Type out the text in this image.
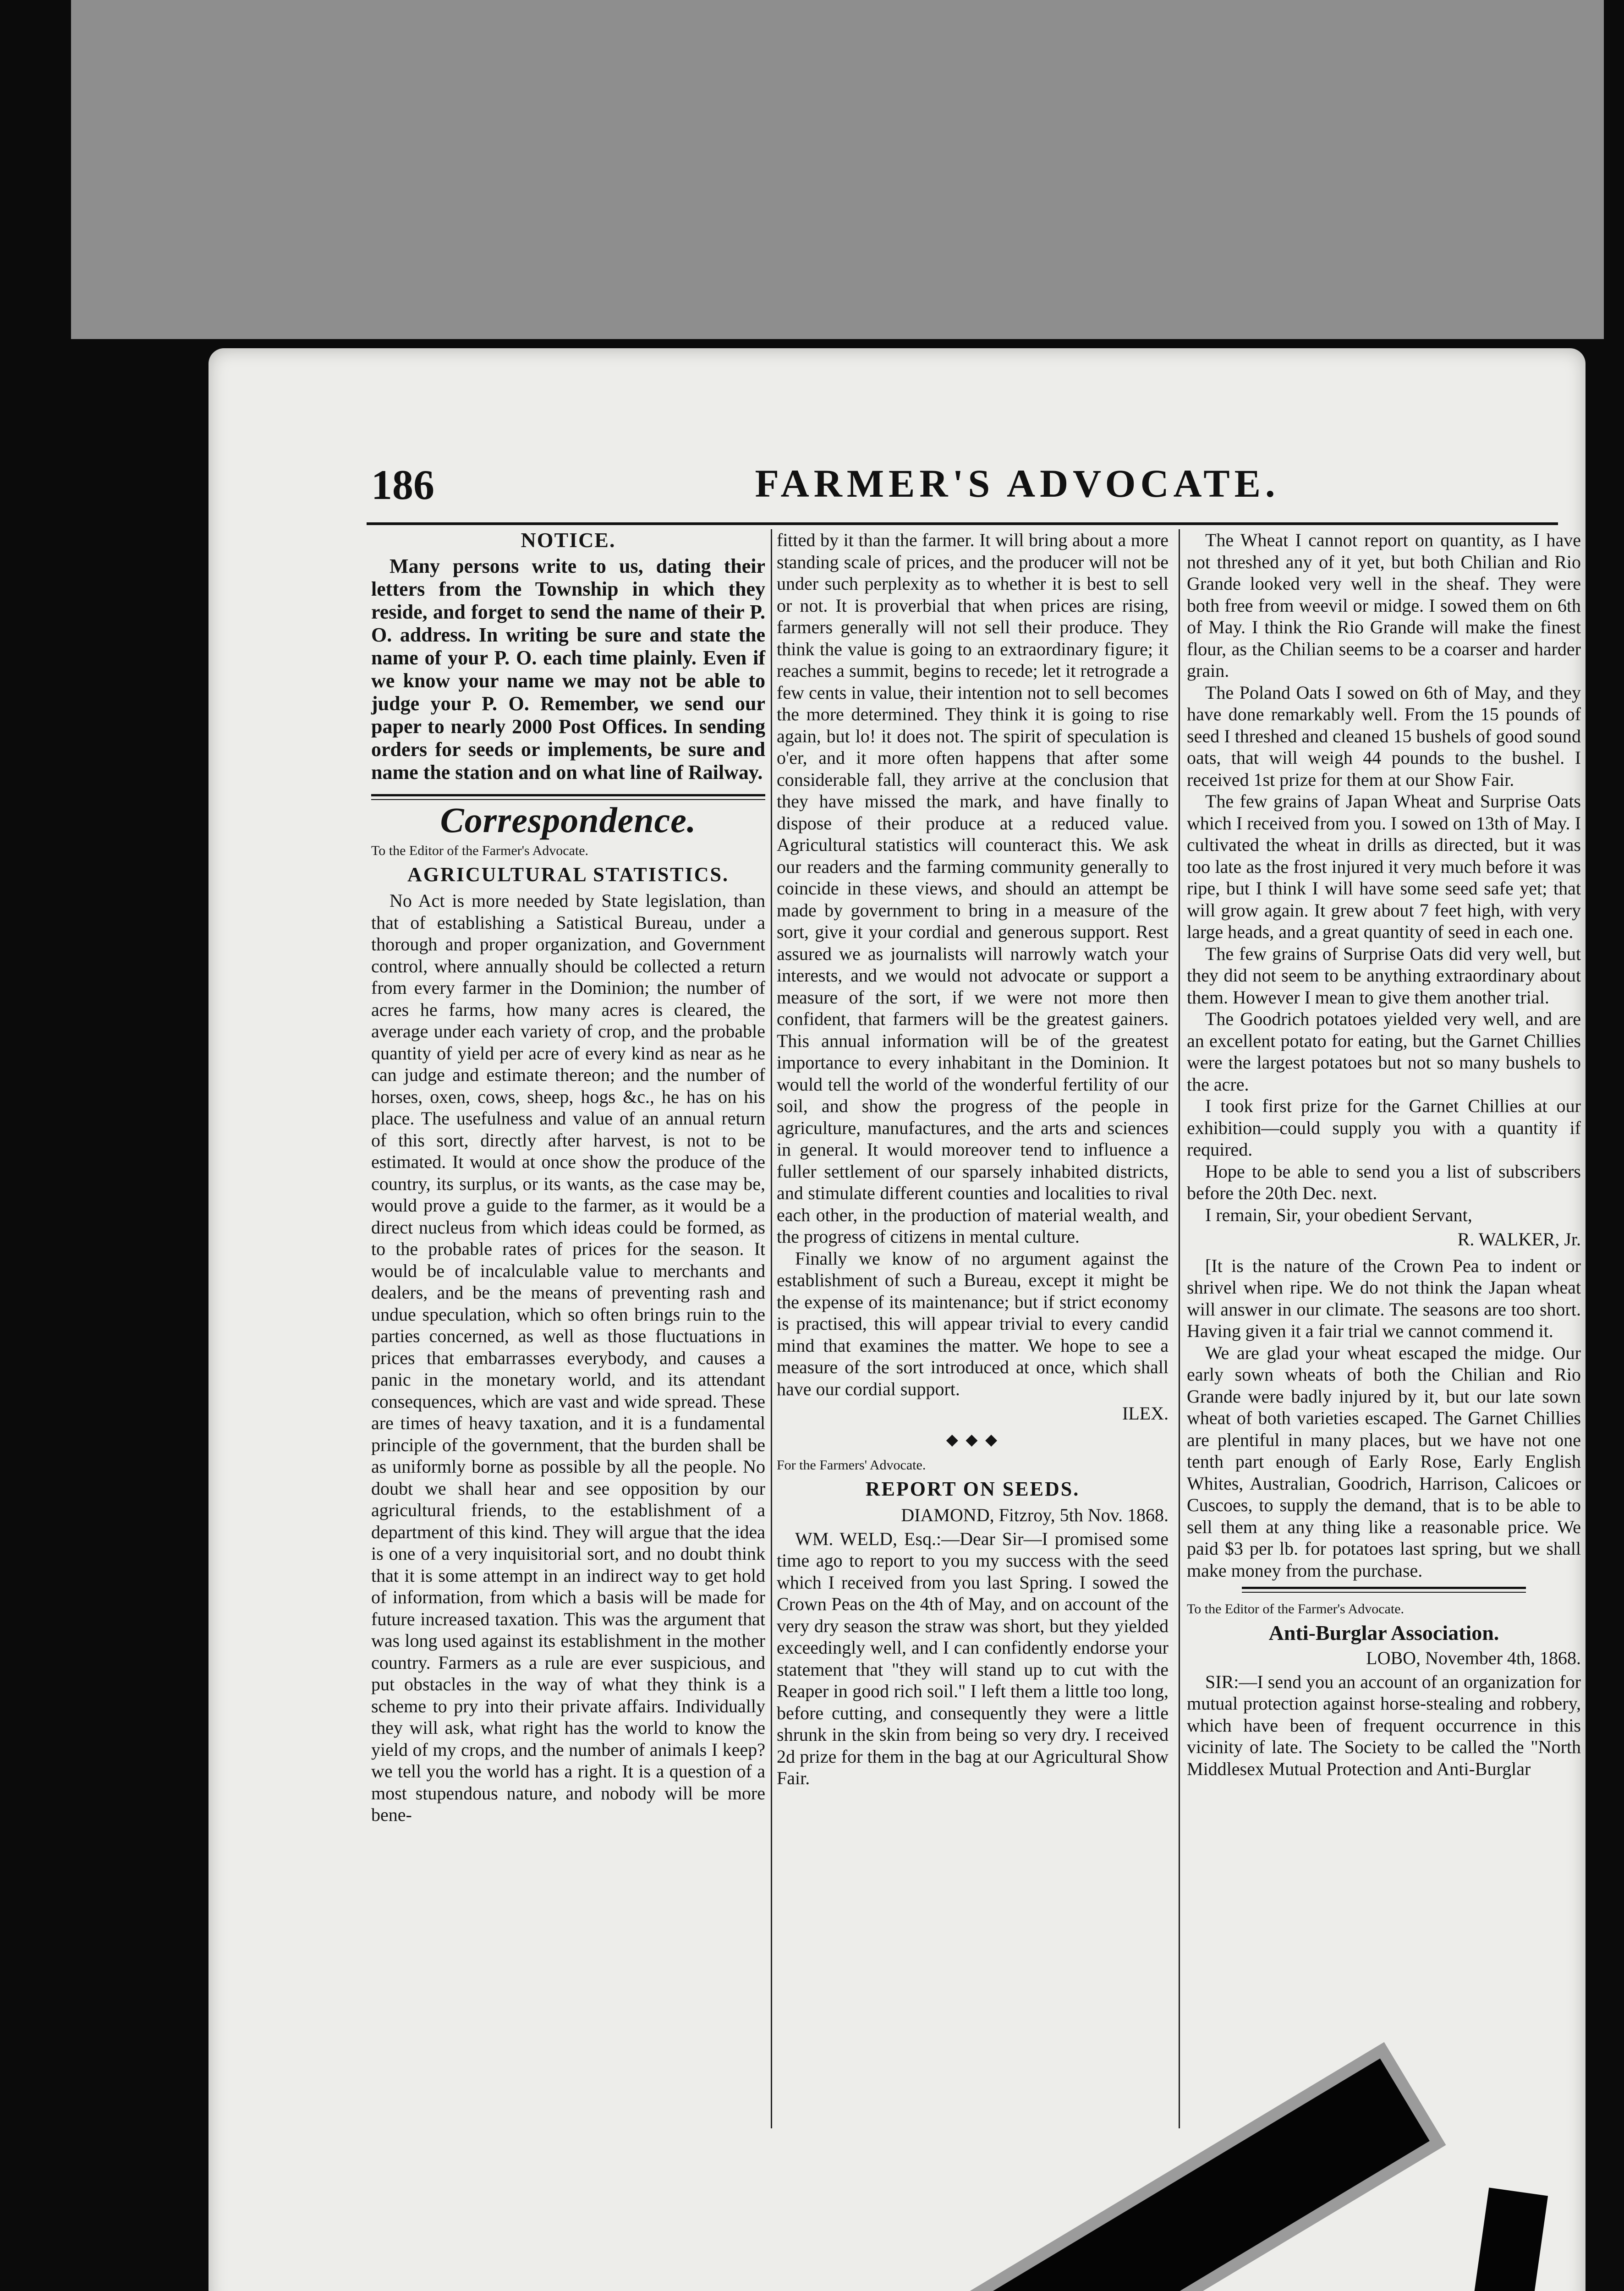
186	FARMER'S ADVOCATE.
NOTICE.

Many persons write to us, dating their letters from the Township in which they reside, and forget to send the name of their P. O. address. In writing be sure and state the name of your P. O. each time plainly. Even if we know your name we may not be able to judge your P. O. Remember, we send our paper to nearly 2000 Post Offices. In sending orders for seeds or implements, be sure and name the station and on what line of Railway.

Correspondence.
To the Editor of the Farmer's Advocate.
AGRICULTURAL STATISTICS.

No Act is more needed by State legislation, than that of establishing a Satistical Bureau, under a thorough and proper organization, and Government control, where annually should be collected a return from every farmer in the Dominion; the number of acres he farms, how many acres is cleared, the average under each variety of crop, and the probable quantity of yield per acre of every kind as near as he can judge and estimate thereon; and the number of horses, oxen, cows, sheep, hogs &c., he has on his place. The usefulness and value of an annual return of this sort, directly after harvest, is not to be estimated. It would at once show the produce of the country, its surplus, or its wants, as the case may be, would prove a guide to the farmer, as it would be a direct nucleus from which ideas could be formed, as to the probable rates of prices for the season. It would be of incalculable value to merchants and dealers, and be the means of preventing rash and undue speculation, which so often brings ruin to the parties concerned, as well as those fluctuations in prices that embarrasses everybody, and causes a panic in the monetary world, and its attendant consequences, which are vast and wide spread. These are times of heavy taxation, and it is a fundamental principle of the government, that the burden shall be as uniformly borne as possible by all the people. No doubt we shall hear and see opposition by our agricultural friends, to the establishment of a department of this kind. They will argue that the idea is one of a very inquisitorial sort, and no doubt think that it is some attempt in an indirect way to get hold of information, from which a basis will be made for future increased taxation. This was the argument that was long used against its establishment in the mother country. Farmers as a rule are ever suspicious, and put obstacles in the way of what they think is a scheme to pry into their private affairs. Individually they will ask, what right has the world to know the yield of my crops, and the number of animals I keep? we tell you the world has a right. It is a question of a most stupendous nature, and nobody will be more bene-

fitted by it than the farmer. It will bring about a more standing scale of prices, and the producer will not be under such perplexity as to whether it is best to sell or not. It is proverbial that when prices are rising, farmers generally will not sell their produce. They think the value is going to an extraordinary figure; it reaches a summit, begins to recede; let it retrograde a few cents in value, their intention not to sell becomes the more determined. They think it is going to rise again, but lo! it does not. The spirit of speculation is o'er, and it more often happens that after some considerable fall, they arrive at the conclusion that they have missed the mark, and have finally to dispose of their produce at a reduced value. Agricultural statistics will counteract this. We ask our readers and the farming community generally to coincide in these views, and should an attempt be made by government to bring in a measure of the sort, give it your cordial and generous support. Rest assured we as journalists will narrowly watch your interests, and we would not advocate or support a measure of the sort, if we were not more then confident, that farmers will be the greatest gainers. This annual information will be of the greatest importance to every inhabitant in the Dominion. It would tell the world of the wonderful fertility of our soil, and show the progress of the people in agriculture, manufactures, and the arts and sciences in general. It would moreover tend to influence a fuller settlement of our sparsely inhabited districts, and stimulate different counties and localities to rival each other, in the production of material wealth, and the progress of citizens in mental culture.

Finally we know of no argument against the establishment of such a Bureau, except it might be the expense of its maintenance; but if strict economy is practised, this will appear trivial to every candid mind that examines the matter. We hope to see a measure of the sort introduced at once, which shall have our cordial support.

ILEX.
◆ ◆ ◆
For the Farmers' Advocate.
REPORT ON SEEDS.
DIAMOND, Fitzroy, 5th Nov. 1868.

WM. WELD, Esq.:—Dear Sir—I promised some time ago to report to you my success with the seed which I received from you last Spring. I sowed the Crown Peas on the 4th of May, and on account of the very dry season the straw was short, but they yielded exceedingly well, and I can confidently endorse your statement that "they will stand up to cut with the Reaper in good rich soil." I left them a little too long, before cutting, and consequently they were a little shrunk in the skin from being so very dry. I received 2d prize for them in the bag at our Agricultural Show Fair.

The Wheat I cannot report on quantity, as I have not threshed any of it yet, but both Chilian and Rio Grande looked very well in the sheaf. They were both free from weevil or midge. I sowed them on 6th of May. I think the Rio Grande will make the finest flour, as the Chilian seems to be a coarser and harder grain.

The Poland Oats I sowed on 6th of May, and they have done remarkably well. From the 15 pounds of seed I threshed and cleaned 15 bushels of good sound oats, that will weigh 44 pounds to the bushel. I received 1st prize for them at our Show Fair.

The few grains of Japan Wheat and Surprise Oats which I received from you. I sowed on 13th of May. I cultivated the wheat in drills as directed, but it was too late as the frost injured it very much before it was ripe, but I think I will have some seed safe yet; that will grow again. It grew about 7 feet high, with very large heads, and a great quantity of seed in each one.

The few grains of Surprise Oats did very well, but they did not seem to be anything extraordinary about them. However I mean to give them another trial.

The Goodrich potatoes yielded very well, and are an excellent potato for eating, but the Garnet Chillies were the largest potatoes but not so many bushels to the acre.

I took first prize for the Garnet Chillies at our exhibition—could supply you with a quantity if required.

Hope to be able to send you a list of subscribers before the 20th Dec. next.

I remain, Sir, your obedient Servant,

R. WALKER, Jr.

[It is the nature of the Crown Pea to indent or shrivel when ripe. We do not think the Japan wheat will answer in our climate. The seasons are too short. Having given it a fair trial we cannot commend it.

We are glad your wheat escaped the midge. Our early sown wheats of both the Chilian and Rio Grande were badly injured by it, but our late sown wheat of both varieties escaped. The Garnet Chillies are plentiful in many places, but we have not one tenth part enough of Early Rose, Early English Whites, Australian, Goodrich, Harrison, Calicoes or Cuscoes, to supply the demand, that is to be able to sell them at any thing like a reasonable price. We paid $3 per lb. for potatoes last spring, but we shall make money from the purchase.

To the Editor of the Farmer's Advocate.
Anti-Burglar Association.
LOBO, November 4th, 1868.

SIR:—I send you an account of an organization for mutual protection against horse-stealing and robbery, which have been of frequent occurrence in this vicinity of late. The Society to be called the "North Middlesex Mutual Protection and Anti-Burglar
